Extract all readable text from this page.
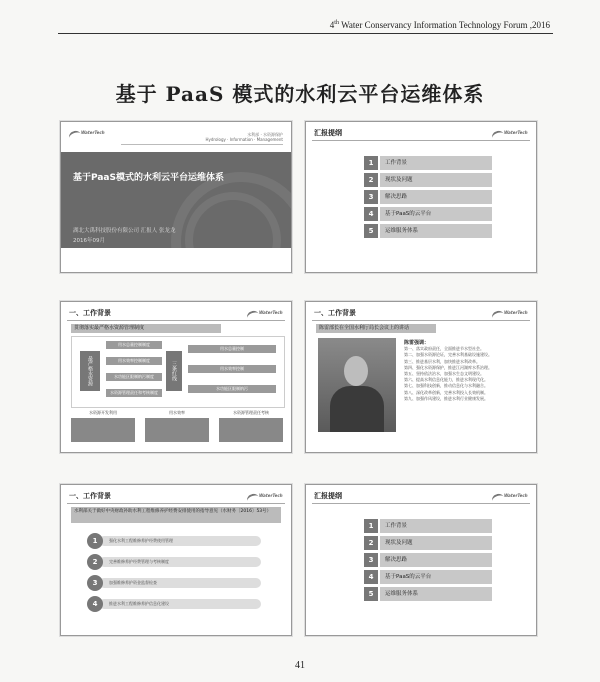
4th Water Conservancy Information Technology Forum ,2016
基于 PaaS 模式的水利云平台运维体系
WaterTech	水利部 · 水资源保护
Hydrology · Information · Management
基于PaaS模式的水利云平台运维体系
湖北大禹科技股份有限公司 汇报人 张龙龙
2016年09月
汇报提纲	WaterTech
1	工作背景
2	现状及问题
3	解决思路
4	基于PaaS的云平台
5	运维服务体系
一、工作背景	WaterTech
贯彻落实最严格水资源管理制度
最严格水资源
用水总量控制制度
用水效率控制制度
水功能区限制纳污制度
水资源管理责任和考核制度
三条红线
用水总量控制
用水效率控制
水功能区限制纳污
水资源开发利用	用水效率	水资源管理责任考核
一、工作背景	WaterTech
陈雷部长在全国水利厅局长会议上的讲话
陈雷强调：
第一、落实政府责任，全面推进节水型社会。
第二、加强水资源论证，完善水利基础设施建设。
第三、推进基层水利，加快推进水利改革。
第四、强化水资源保护，推进江河湖库水系治理。
第五、坚持依法治水，加强水生态文明建设。
第六、提高水利信息化能力，推进水利现代化。
第七、加强科技创新，推动信息化与水利融合。
第八、深化改革创新，完善水利投入长效机制。
第九、加强作风建设，推进水利行业健康发展。
一、工作背景	WaterTech
水利部关于做好中央财政补助水利工程维修养护经费安排使用的指导意见（水财务〔2016〕53号）
强化水利工程维修养护经费使用管理
1
完善维修养护经费管理与考核制度
2
加强维修养护资金监督检查
3
推进水利工程维修养护信息化建设
4
汇报提纲	WaterTech
1	工作背景
2	现状及问题
3	解决思路
4	基于PaaS的云平台
5	运维服务体系
41
